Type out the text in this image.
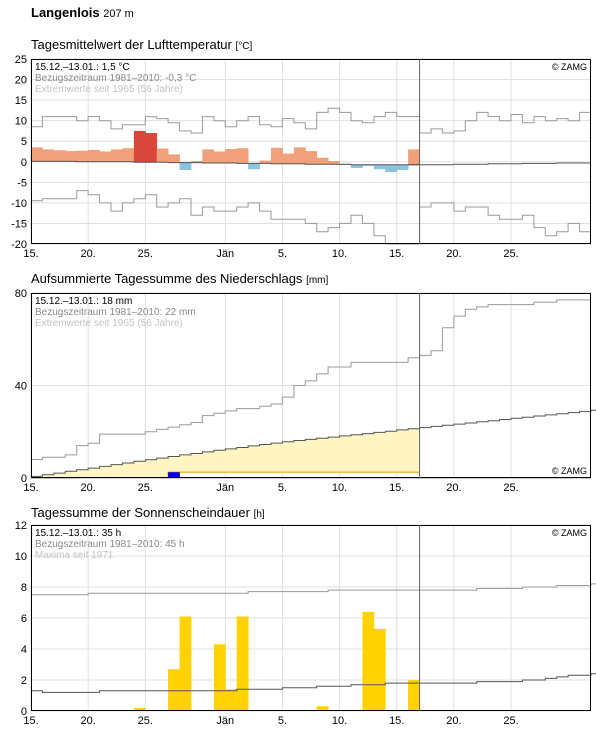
Langenlois 207 m
Tagesmittelwert der Lufttemperatur [°C]
-20
-15
-10
-5
0
5
10
15
20
25
15.	20.	25.	Jän	5.	10.	15.	20.	25.
15.12.–13.01.: 1,5 °C
Bezugszeitraum 1981–2010: -0,3 °C
Extremwerte seit 1965 (56 Jahre)
© ZAMG
Aufsummierte Tagessumme des Niederschlags [mm]
0
40
80
15.	20.	25.	Jän	5.	10.	15.	20.	25.
15.12.–13.01.: 18 mm
Bezugszeitraum 1981–2010: 22 mm
Extremwerte seit 1965 (56 Jahre)
© ZAMG
Tagessumme der Sonnenscheindauer [h]
0
2
4
6
8
10
12
15.	20.	25.	Jän	5.	10.	15.	20.	25.
15.12.–13.01.: 35 h
Bezugszeitraum 1981–2010: 45 h
Maxima seit 1971
© ZAMG
